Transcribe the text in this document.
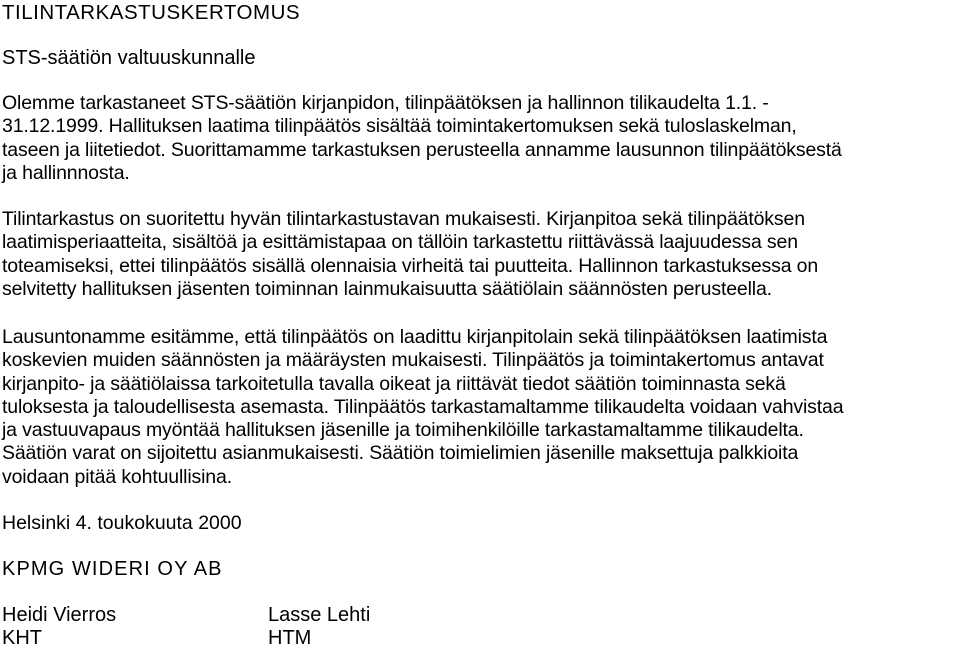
TILINTARKASTUSKERTOMUS
STS-säätiön valtuuskunnalle
Olemme tarkastaneet STS-säätiön kirjanpidon, tilinpäätöksen ja hallinnon tilikaudelta 1.1. -
31.12.1999. Hallituksen laatima tilinpäätös sisältää toimintakertomuksen sekä tuloslaskelman,
taseen ja liitetiedot. Suorittamamme tarkastuksen perusteella annamme lausunnon tilinpäätöksestä
ja hallinnnosta.
Tilintarkastus on suoritettu hyvän tilintarkastustavan mukaisesti. Kirjanpitoa sekä tilinpäätöksen
laatimisperiaatteita, sisältöä ja esittämistapaa on tällöin tarkastettu riittävässä laajuudessa sen
toteamiseksi, ettei tilinpäätös sisällä olennaisia virheitä tai puutteita. Hallinnon tarkastuksessa on
selvitetty hallituksen jäsenten toiminnan lainmukaisuutta säätiölain säännösten perusteella.
Lausuntonamme esitämme, että tilinpäätös on laadittu kirjanpitolain sekä tilinpäätöksen laatimista
koskevien muiden säännösten ja määräysten mukaisesti. Tilinpäätös ja toimintakertomus antavat
kirjanpito- ja säätiölaissa tarkoitetulla tavalla oikeat ja riittävät tiedot säätiön toiminnasta sekä
tuloksesta ja taloudellisesta asemasta. Tilinpäätös tarkastamaltamme tilikaudelta voidaan vahvistaa
ja vastuuvapaus myöntää hallituksen jäsenille ja toimihenkilöille tarkastamaltamme tilikaudelta.
Säätiön varat on sijoitettu asianmukaisesti. Säätiön toimielimien jäsenille maksettuja palkkioita
voidaan pitää kohtuullisina.
Helsinki 4. toukokuuta 2000
KPMG WIDERI OY AB
Heidi Vierros
KHT
Lasse Lehti
HTM
